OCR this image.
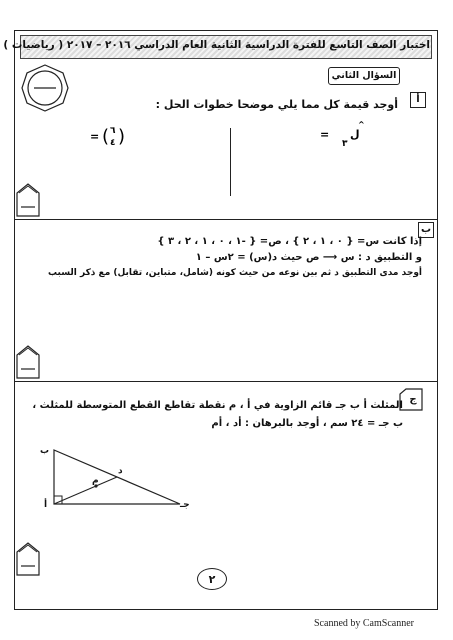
اختبار الصف التاسع للفترة الدراسية الثانية العام الدراسي ٢٠١٦ – ٢٠١٧ ( رياضيات )
السؤال الثاني
أ
أوجد قيمة كل مما يلي موضحا خطوات الحل :
= ( ٦
٤ )	=
٣
ل
^
ب
إذا كانت س= { ٠ ، ١ ، ٢ } ، ص= { -١ ، ٠ ، ١ ، ٢ ، ٣ }
و التطبيق د : س ⟶ ص حيث د(س) = ٢س – ١
أوجد مدى التطبيق د ثم بين نوعه من حيث كونه (شامل، متباين، تقابل) مع ذكر السبب
ج
المثلث أ ب جـ قائم الزاوية في أ ، م نقطة تقاطع القطع المتوسطة للمثلث ،
ب جـ = ٢٤ سم ، أوجد بالبرهان : أد ، أم
ب
أ	جـ
د
م
٢
Scanned by CamScanner
